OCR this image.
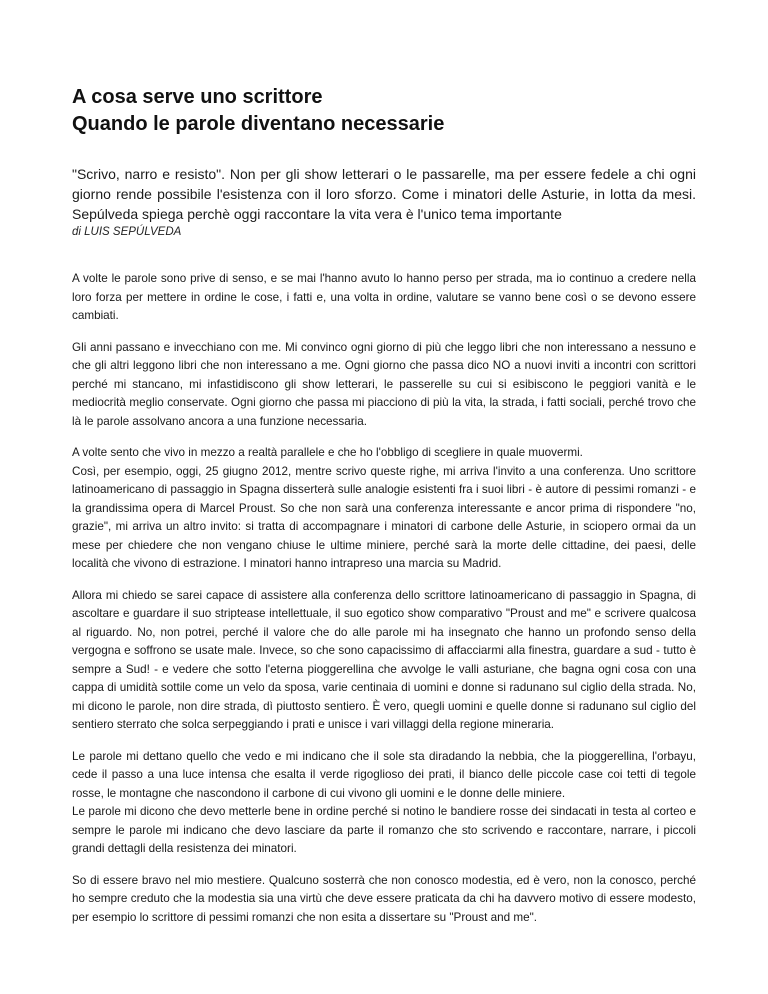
A cosa serve uno scrittore
Quando le parole diventano necessarie

"Scrivo, narro e resisto". Non per gli show letterari o le passarelle, ma per essere fedele a chi ogni giorno rende possibile l'esistenza con il loro sforzo. Come i minatori delle Asturie, in lotta da mesi. Sepúlveda spiega perchè oggi raccontare la vita vera è l'unico tema importante

di LUIS SEPÚLVEDA

A volte le parole sono prive di senso, e se mai l'hanno avuto lo hanno perso per strada, ma io continuo a credere nella loro forza per mettere in ordine le cose, i fatti e, una volta in ordine, valutare se vanno bene così o se devono essere cambiati.

Gli anni passano e invecchiano con me. Mi convinco ogni giorno di più che leggo libri che non interessano a nessuno e che gli altri leggono libri che non interessano a me. Ogni giorno che passa dico NO a nuovi inviti a incontri con scrittori perché mi stancano, mi infastidiscono gli show letterari, le passerelle su cui si esibiscono le peggiori vanità e le mediocrità meglio conservate. Ogni giorno che passa mi piacciono di più la vita, la strada, i fatti sociali, perché trovo che là le parole assolvano ancora a una funzione necessaria.

A volte sento che vivo in mezzo a realtà parallele e che ho l'obbligo di scegliere in quale muovermi.
Così, per esempio, oggi, 25 giugno 2012, mentre scrivo queste righe, mi arriva l'invito a una conferenza. Uno scrittore latinoamericano di passaggio in Spagna disserterà sulle analogie esistenti fra i suoi libri - è autore di pessimi romanzi - e la grandissima opera di Marcel Proust. So che non sarà una conferenza interessante e ancor prima di rispondere "no, grazie", mi arriva un altro invito: si tratta di accompagnare i minatori di carbone delle Asturie, in sciopero ormai da un mese per chiedere che non vengano chiuse le ultime miniere, perché sarà la morte delle cittadine, dei paesi, delle località che vivono di estrazione. I minatori hanno intrapreso una marcia su Madrid.

Allora mi chiedo se sarei capace di assistere alla conferenza dello scrittore latinoamericano di passaggio in Spagna, di ascoltare e guardare il suo striptease intellettuale, il suo egotico show comparativo "Proust and me" e scrivere qualcosa al riguardo. No, non potrei, perché il valore che do alle parole mi ha insegnato che hanno un profondo senso della vergogna e soffrono se usate male. Invece, so che sono capacissimo di affacciarmi alla finestra, guardare a sud - tutto è sempre a Sud! - e vedere che sotto l'eterna pioggerellina che avvolge le valli asturiane, che bagna ogni cosa con una cappa di umidità sottile come un velo da sposa, varie centinaia di uomini e donne si radunano sul ciglio della strada. No, mi dicono le parole, non dire strada, dì piuttosto sentiero. È vero, quegli uomini e quelle donne si radunano sul ciglio del sentiero sterrato che solca serpeggiando i prati e unisce i vari villaggi della regione mineraria.

Le parole mi dettano quello che vedo e mi indicano che il sole sta diradando la nebbia, che la pioggerellina, l'orbayu, cede il passo a una luce intensa che esalta il verde rigoglioso dei prati, il bianco delle piccole case coi tetti di tegole rosse, le montagne che nascondono il carbone di cui vivono gli uomini e le donne delle miniere.
Le parole mi dicono che devo metterle bene in ordine perché si notino le bandiere rosse dei sindacati in testa al corteo e sempre le parole mi indicano che devo lasciare da parte il romanzo che sto scrivendo e raccontare, narrare, i piccoli grandi dettagli della resistenza dei minatori.

So di essere bravo nel mio mestiere. Qualcuno sosterrà che non conosco modestia, ed è vero, non la conosco, perché ho sempre creduto che la modestia sia una virtù che deve essere praticata da chi ha davvero motivo di essere modesto, per esempio lo scrittore di pessimi romanzi che non esita a dissertare su "Proust and me".
